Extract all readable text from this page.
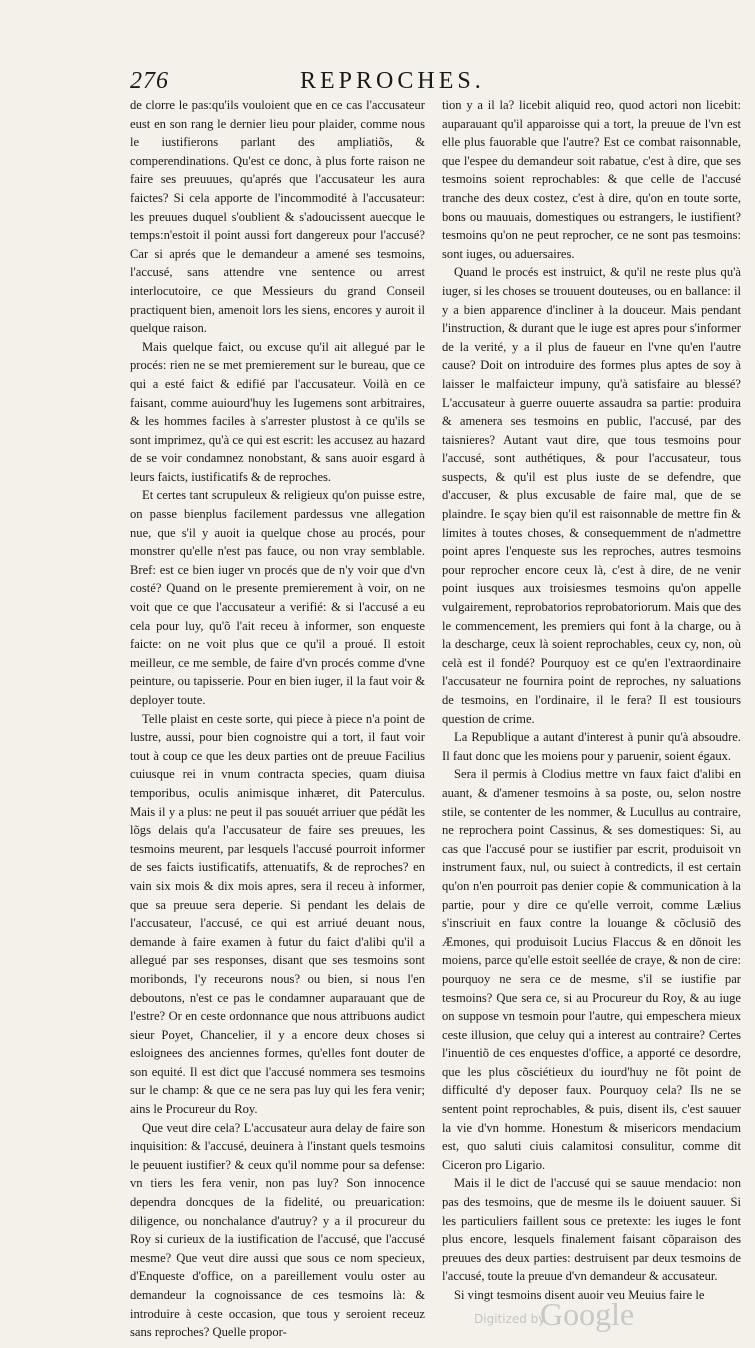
276	REPROCHES.

de clorre le pas:qu'ils vouloient que en ce cas l'accusateur eust en son rang le dernier lieu pour plaider, comme nous le iustifierons parlant des ampliatiõs, & comperendinations. Qu'est ce donc, à plus forte raison ne faire ses preuuues, qu'aprés que l'accusateur les aura faictes? Si cela apporte de l'incommodité à l'accusateur: les preuues duquel s'oublient & s'adoucissent auecque le temps:n'estoit il point aussi fort dangereux pour l'accusé? Car si aprés que le demandeur a amené ses tesmoins, l'accusé, sans attendre vne sentence ou arrest interlocutoire, ce que Messieurs du grand Conseil practiquent bien, amenoit lors les siens, encores y auroit il quelque raison.

Mais quelque faict, ou excuse qu'il ait allegué par le procés: rien ne se met premierement sur le bureau, que ce qui a esté faict & edifié par l'accusateur. Voilà en ce faisant, comme auiourd'huy les Iugemens sont arbitraires, & les hommes faciles à s'arrester plustost à ce qu'ils se sont imprimez, qu'à ce qui est escrit: les accusez au hazard de se voir condamnez nonobstant, & sans auoir esgard à leurs faicts, iustificatifs & de reproches.

Et certes tant scrupuleux & religieux qu'on puisse estre, on passe bienplus facilement pardessus vne allegation nue, que s'il y auoit ia quelque chose au procés, pour monstrer qu'elle n'est pas fauce, ou non vray semblable. Bref: est ce bien iuger vn procés que de n'y voir que d'vn costé? Quand on le presente premierement à voir, on ne voit que ce que l'accusateur a verifié: & si l'accusé a eu cela pour luy, qu'õ l'ait receu à informer, son enqueste faicte: on ne voit plus que ce qu'il a proué. Il estoit meilleur, ce me semble, de faire d'vn procés comme d'vne peinture, ou tapisserie. Pour en bien iuger, il la faut voir & deployer toute.

Telle plaist en ceste sorte, qui piece à piece n'a point de lustre, aussi, pour bien cognoistre qui a tort, il faut voir tout à coup ce que les deux parties ont de preuue Facilius cuiusque rei in vnum contracta species, quam diuisa temporibus, oculis animisque inhæret, dit Paterculus. Mais il y a plus: ne peut il pas souuét arriuer que pédãt les lõgs delais qu'a l'accusateur de faire ses preuues, les tesmoins meurent, par lesquels l'accusé pourroit informer de ses faicts iustificatifs, attenuatifs, & de reproches? en vain six mois & dix mois apres, sera il receu à informer, que sa preuue sera deperie. Si pendant les delais de l'accusateur, l'accusé, ce qui est arriué deuant nous, demande à faire examen à futur du faict d'alibi qu'il a allegué par ses responses, disant que ses tesmoins sont moribonds, l'y receurons nous? ou bien, si nous l'en deboutons, n'est ce pas le condamner auparauant que de l'estre? Or en ceste ordonnance que nous attribuons audict sieur Poyet, Chancelier, il y a encore deux choses si esloignees des anciennes formes, qu'elles font douter de son equité. Il est dict que l'accusé nommera ses tesmoins sur le champ: & que ce ne sera pas luy qui les fera venir; ains le Procureur du Roy.

Que veut dire cela? L'accusateur aura delay de faire son inquisition: & l'accusé, deuinera à l'instant quels tesmoins le peuuent iustifier? & ceux qu'il nomme pour sa defense: vn tiers les fera venir, non pas luy? Son innocence dependra doncques de la fidelité, ou preuarication: diligence, ou nonchalance d'autruy? y a il procureur du Roy si curieux de la iustification de l'accusé, que l'accusé mesme? Que veut dire aussi que sous ce nom specieux, d'Enqueste d'office, on a pareillement voulu oster au demandeur la cognoissance de ces tesmoins là: & introduire à ceste occasion, que tous y seroient receuz sans reproches? Quelle propor-

tion y a il la? licebit aliquid reo, quod actori non licebit: auparauant qu'il apparoisse qui a tort, la preuue de l'vn est elle plus fauorable que l'autre? Est ce combat raisonnable, que l'espee du demandeur soit rabatue, c'est à dire, que ses tesmoins soient reprochables: & que celle de l'accusé tranche des deux costez, c'est à dire, qu'on en toute sorte, bons ou mauuais, domestiques ou estrangers, le iustifient? tesmoins qu'on ne peut reprocher, ce ne sont pas tesmoins: sont iuges, ou aduersaires.

Quand le procés est instruict, & qu'il ne reste plus qu'à iuger, si les choses se trouuent douteuses, ou en ballance: il y a bien apparence d'incliner à la douceur. Mais pendant l'instruction, & durant que le iuge est apres pour s'informer de la verité, y a il plus de faueur en l'vne qu'en l'autre cause? Doit on introduire des formes plus aptes de soy à laisser le malfaicteur impuny, qu'à satisfaire au blessé? L'accusateur à guerre ouuerte assaudra sa partie: produira & amenera ses tesmoins en public, l'accusé, par des taisnieres? Autant vaut dire, que tous tesmoins pour l'accusé, sont authétiques, & pour l'accusateur, tous suspects, & qu'il est plus iuste de se defendre, que d'accuser, & plus excusable de faire mal, que de se plaindre. Ie sçay bien qu'il est raisonnable de mettre fin & limites à toutes choses, & consequemment de n'admettre point apres l'enqueste sus les reproches, autres tesmoins pour reprocher encore ceux là, c'est à dire, de ne venir point iusques aux troisiesmes tesmoins qu'on appelle vulgairement, reprobatorios reprobatoriorum. Mais que des le commencement, les premiers qui font à la charge, ou à la descharge, ceux là soient reprochables, ceux cy, non, où celà est il fondé? Pourquoy est ce qu'en l'extraordinaire l'accusateur ne fournira point de reproches, ny saluations de tesmoins, en l'ordinaire, il le fera? Il est tousiours question de crime.

La Republique a autant d'interest à punir qu'à absoudre. Il faut donc que les moiens pour y paruenir, soient égaux.

Sera il permis à Clodius mettre vn faux faict d'alibi en auant, & d'amener tesmoins à sa poste, ou, selon nostre stile, se contenter de les nommer, & Lucullus au contraire, ne reprochera point Cassinus, & ses domestiques: Si, au cas que l'accusé pour se iustifier par escrit, produisoit vn instrument faux, nul, ou suiect à contredicts, il est certain qu'on n'en pourroit pas denier copie & communication à la partie, pour y dire ce qu'elle verroit, comme Lælius s'inscriuit en faux contre la louange & cõclusiõ des Æmones, qui produisoit Lucius Flaccus & en dõnoit les moiens, parce qu'elle estoit seellée de craye, & non de cire: pourquoy ne sera ce de mesme, s'il se iustifie par tesmoins? Que sera ce, si au Procureur du Roy, & au iuge on suppose vn tesmoin pour l'autre, qui empeschera mieux ceste illusion, que celuy qui a interest au contraire? Certes l'inuentiõ de ces enquestes d'office, a apporté ce desordre, que les plus cõsciétieux du iourd'huy ne fõt point de difficulté d'y deposer faux. Pourquoy cela? Ils ne se sentent point reprochables, & puis, disent ils, c'est sauuer la vie d'vn homme. Honestum & misericors mendacium est, quo saluti ciuis calamitosi consulitur, comme dit Ciceron pro Ligario.

Mais il le dict de l'accusé qui se sauue mendacio: non pas des tesmoins, que de mesme ils le doiuent sauuer. Si les particuliers faillent sous ce pretexte: les iuges le font plus encore, lesquels finalement faisant cõparaison des preuues des deux parties: destruisent par deux tesmoins de l'accusé, toute la preuue d'vn demandeur & accusateur.

Si vingt tesmoins disent auoir veu Meuius faire le

Digitized by
Google
